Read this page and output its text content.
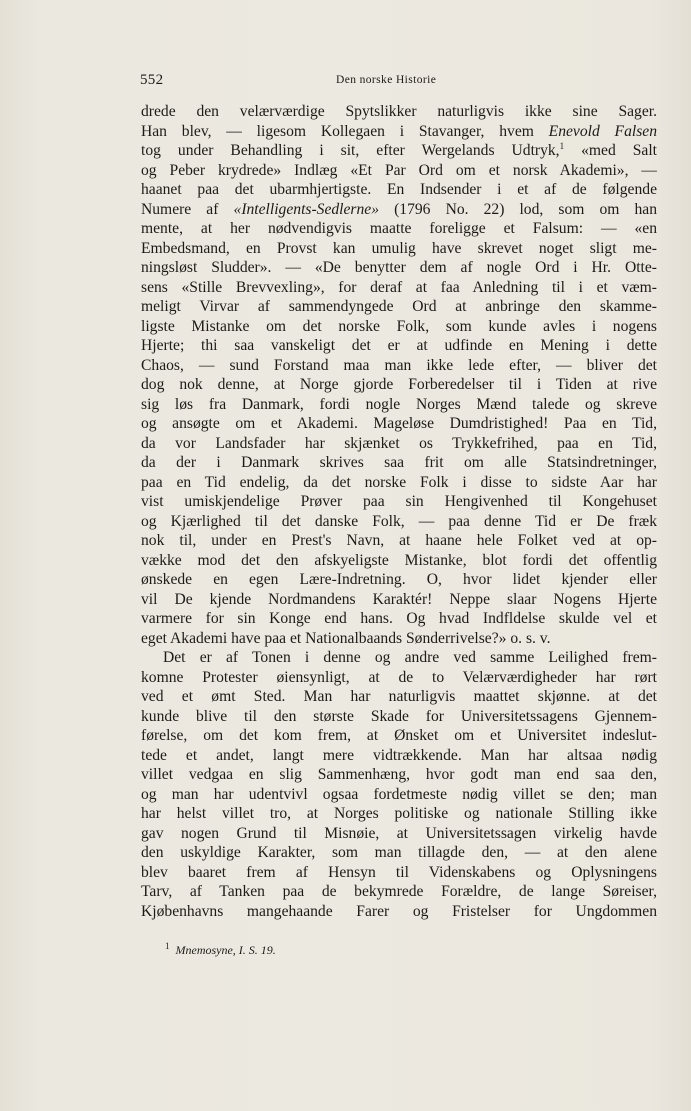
552	Den norske Historie
drede den velærværdige Spytslikker naturligvis ikke sine Sager.
Han blev, — ligesom Kollegaen i Stavanger, hvem Enevold Falsen
tog under Behandling i sit, efter Wergelands Udtryk,$^1$ «med Salt
og Peber krydrede» Indlæg «Et Par Ord om et norsk Akademi», —
haanet paa det ubarmhjertigste. En Indsender i et af de følgende
Numere af «Intelligents-Sedlerne» (1796 No. 22) lod, som om han
mente, at her nødvendigvis maatte foreligge et Falsum: — «en
Embedsmand, en Provst kan umulig have skrevet noget sligt me-
ningsløst Sludder». — «De benytter dem af nogle Ord i Hr. Otte-
sens «Stille Brevvexling», for deraf at faa Anledning til i et væm-
meligt Virvar af sammendyngede Ord at anbringe den skamme-
ligste Mistanke om det norske Folk, som kunde avles i nogens
Hjerte; thi saa vanskeligt det er at udfinde en Mening i dette
Chaos, — sund Forstand maa man ikke lede efter, — bliver det
dog nok denne, at Norge gjorde Forberedelser til i Tiden at rive
sig løs fra Danmark, fordi nogle Norges Mænd talede og skreve
og ansøgte om et Akademi. Mageløse Dumdristighed! Paa en Tid,
da vor Landsfader har skjænket os Trykkefrihed, paa en Tid,
da der i Danmark skrives saa frit om alle Statsindretninger,
paa en Tid endelig, da det norske Folk i disse to sidste Aar har
vist umiskjendelige Prøver paa sin Hengivenhed til Kongehuset
og Kjærlighed til det danske Folk, — paa denne Tid er De fræk
nok til, under en Prest's Navn, at haane hele Folket ved at op-
vække mod det den afskyeligste Mistanke, blot fordi det offentlig
ønskede en egen Lære-Indretning. O, hvor lidet kjender eller
vil De kjende Nordmandens Karaktér! Neppe slaar Nogens Hjerte
varmere for sin Konge end hans. Og hvad Indfldelse skulde vel et
eget Akademi have paa et Nationalbaands Sønderrivelse?» o. s. v.
Det er af Tonen i denne og andre ved samme Leilighed frem-
komne Protester øiensynligt, at de to Velærværdigheder har rørt
ved et ømt Sted. Man har naturligvis maattet skjønne. at det
kunde blive til den største Skade for Universitetssagens Gjennem-
førelse, om det kom frem, at Ønsket om et Universitet indeslut-
tede et andet, langt mere vidtrækkende. Man har altsaa nødig
villet vedgaa en slig Sammenhæng, hvor godt man end saa den,
og man har udentvivl ogsaa fordetmeste nødig villet se den; man
har helst villet tro, at Norges politiske og nationale Stilling ikke
gav nogen Grund til Misnøie, at Universitetssagen virkelig havde
den uskyldige Karakter, som man tillagde den, — at den alene
blev baaret frem af Hensyn til Videnskabens og Oplysningens
Tarv, af Tanken paa de bekymrede Forældre, de lange Søreiser,
Kjøbenhavns mangehaande Farer og Fristelser for Ungdommen
$^1$ Mnemosyne, I. S. 19.
